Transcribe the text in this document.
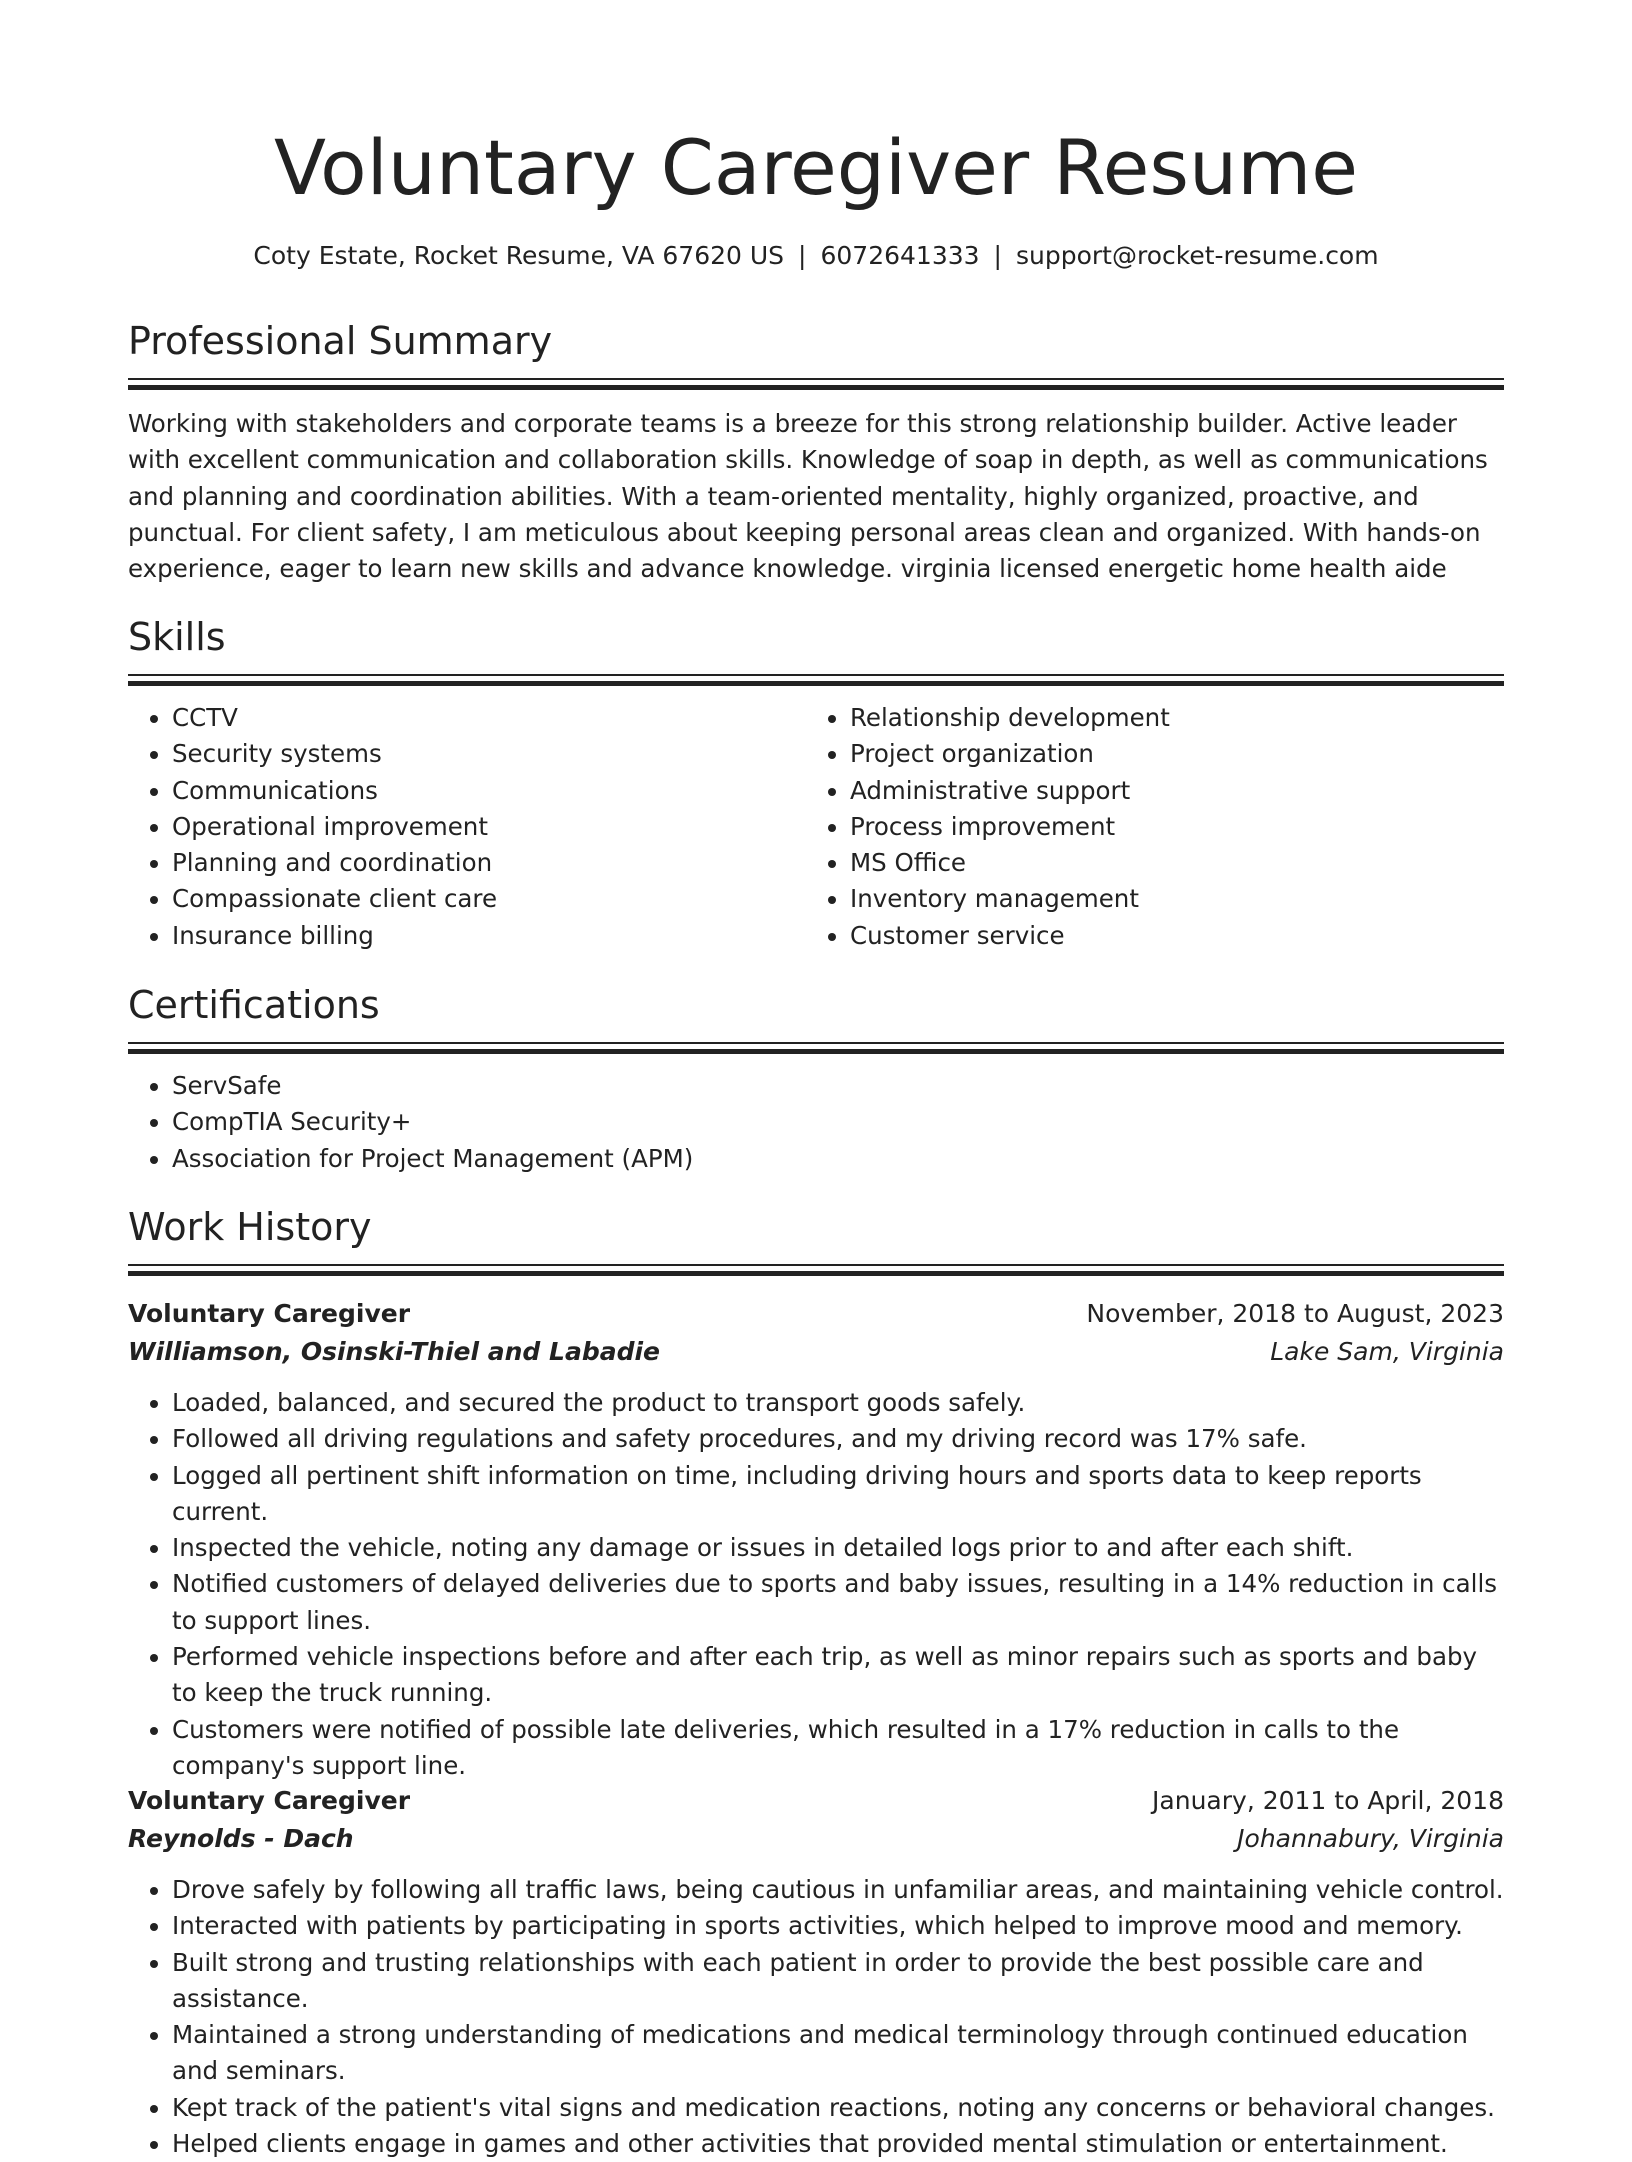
Voluntary Caregiver Resume
Coty Estate, Rocket Resume, VA 67620 US | 6072641333 | support@rocket-resume.com
Professional Summary

Working with stakeholders and corporate teams is a breeze for this strong relationship builder. Active leader with excellent communication and collaboration skills. Knowledge of soap in depth, as well as communications and planning and coordination abilities. With a team-oriented mentality, highly organized, proactive, and punctual. For client safety, I am meticulous about keeping personal areas clean and organized. With hands-on experience, eager to learn new skills and advance knowledge. virginia licensed energetic home health aide

Skills
• CCTV
• Security systems
• Communications
• Operational improvement
• Planning and coordination
• Compassionate client care
• Insurance billing
• Relationship development
• Project organization
• Administrative support
• Process improvement
• MS Office
• Inventory management
• Customer service
Certifications
• ServSafe
• CompTIA Security+
• Association for Project Management (APM)
Work History
Voluntary Caregiver	November, 2018 to August, 2023
Williamson, Osinski-Thiel and Labadie	Lake Sam, Virginia
• Loaded, balanced, and secured the product to transport goods safely.
• Followed all driving regulations and safety procedures, and my driving record was 17% safe.
• Logged all pertinent shift information on time, including driving hours and sports data to keep reports current.
• Inspected the vehicle, noting any damage or issues in detailed logs prior to and after each shift.
• Notified customers of delayed deliveries due to sports and baby issues, resulting in a 14% reduction in calls to support lines.
• Performed vehicle inspections before and after each trip, as well as minor repairs such as sports and baby to keep the truck running.
• Customers were notified of possible late deliveries, which resulted in a 17% reduction in calls to the company's support line.
Voluntary Caregiver	January, 2011 to April, 2018
Reynolds - Dach	Johannabury, Virginia
• Drove safely by following all traffic laws, being cautious in unfamiliar areas, and maintaining vehicle control.
• Interacted with patients by participating in sports activities, which helped to improve mood and memory.
• Built strong and trusting relationships with each patient in order to provide the best possible care and assistance.
• Maintained a strong understanding of medications and medical terminology through continued education and seminars.
• Kept track of the patient's vital signs and medication reactions, noting any concerns or behavioral changes.
• Helped clients engage in games and other activities that provided mental stimulation or entertainment.
